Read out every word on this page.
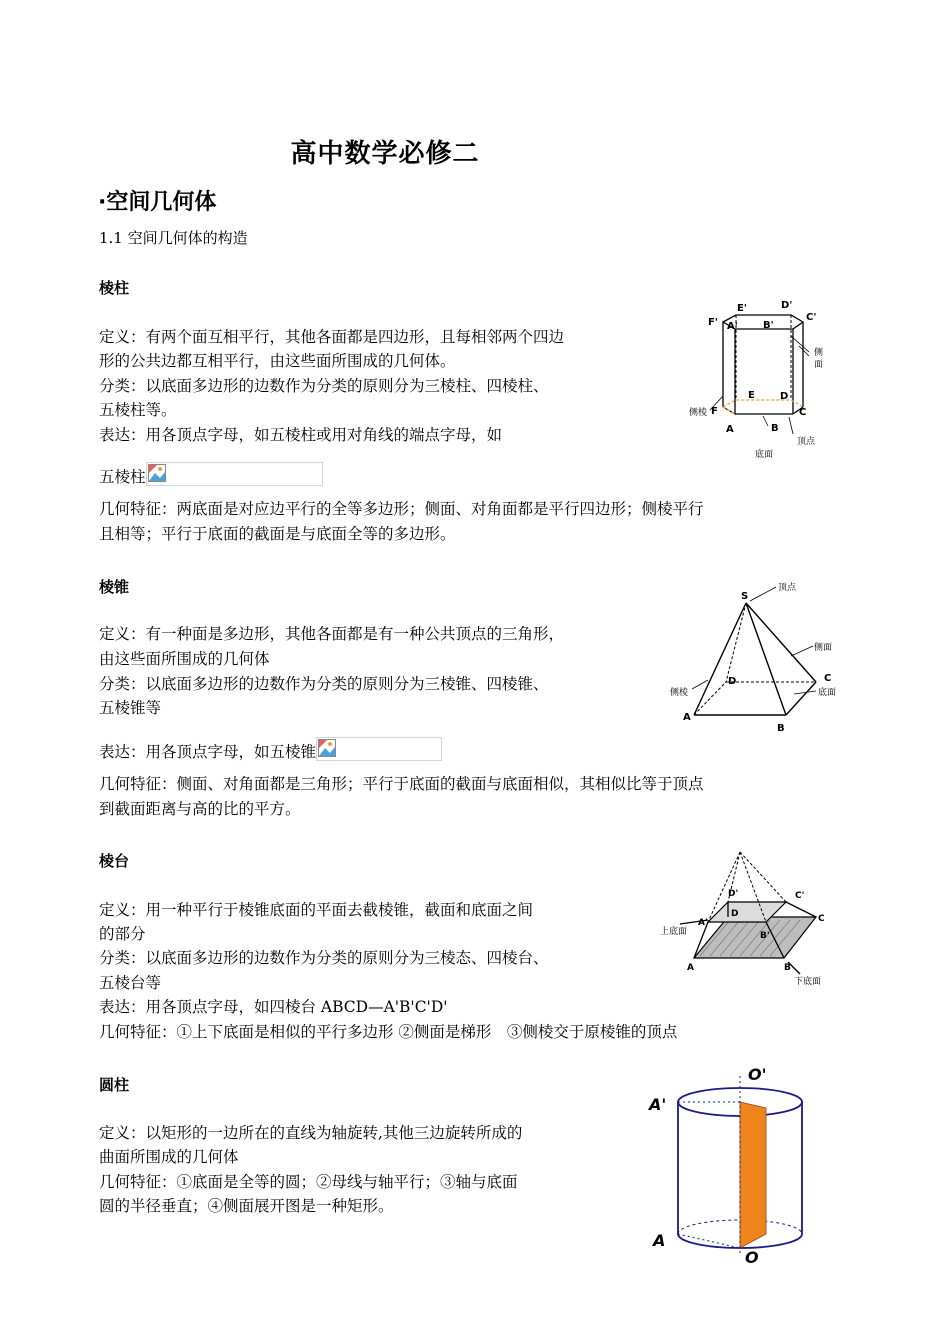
高中数学必修二
·空间几何体
1.1 空间几何体的构造
棱柱
定义：有两个面互相平行，其他各面都是四边形，且每相邻两个四边
形的公共边都互相平行，由这些面所围成的几何体。
分类：以底面多边形的边数作为分类的原则分为三棱柱、四棱柱、
五棱柱等。
表达：用各顶点字母，如五棱柱或用对角线的端点字母，如
五棱柱
几何特征：两底面是对应边平行的全等多边形；侧面、对角面都是平行四边形；侧棱平行
且相等；平行于底面的截面是与底面全等的多边形。
E'	D'
F' A'	B'
C'
E	D
F
A	B
C
侧
面
侧棱
顶点
底面
棱锥
定义：有一种面是多边形，其他各面都是有一种公共顶点的三角形，
由这些面所围成的几何体
分类：以底面多边形的边数作为分类的原则分为三棱锥、四棱锥、
五棱锥等
表达：用各顶点字母，如五棱锥
几何特征：侧面、对角面都是三角形；平行于底面的截面与底面相似，其相似比等于顶点
到截面距离与高的比的平方。
S
D	C
A
B
顶点
侧面
侧棱	底面
棱台
定义：用一种平行于棱锥底面的平面去截棱锥，截面和底面之间
的部分
分类：以底面多边形的边数作为分类的原则分为三棱态、四棱台、
五棱台等
表达：用各顶点字母，如四棱台 ABCD—A'B'C'D'
几何特征：①上下底面是相似的平行多边形 ②侧面是梯形　③侧棱交于原棱锥的顶点
D'	C'
A'
D	C
B'
A	B
上底面
下底面
圆柱
定义：以矩形的一边所在的直线为轴旋转,其他三边旋转所成的
曲面所围成的几何体
几何特征：①底面是全等的圆；②母线与轴平行；③轴与底面
圆的半径垂直；④侧面展开图是一种矩形。
O'
A'
A
O
